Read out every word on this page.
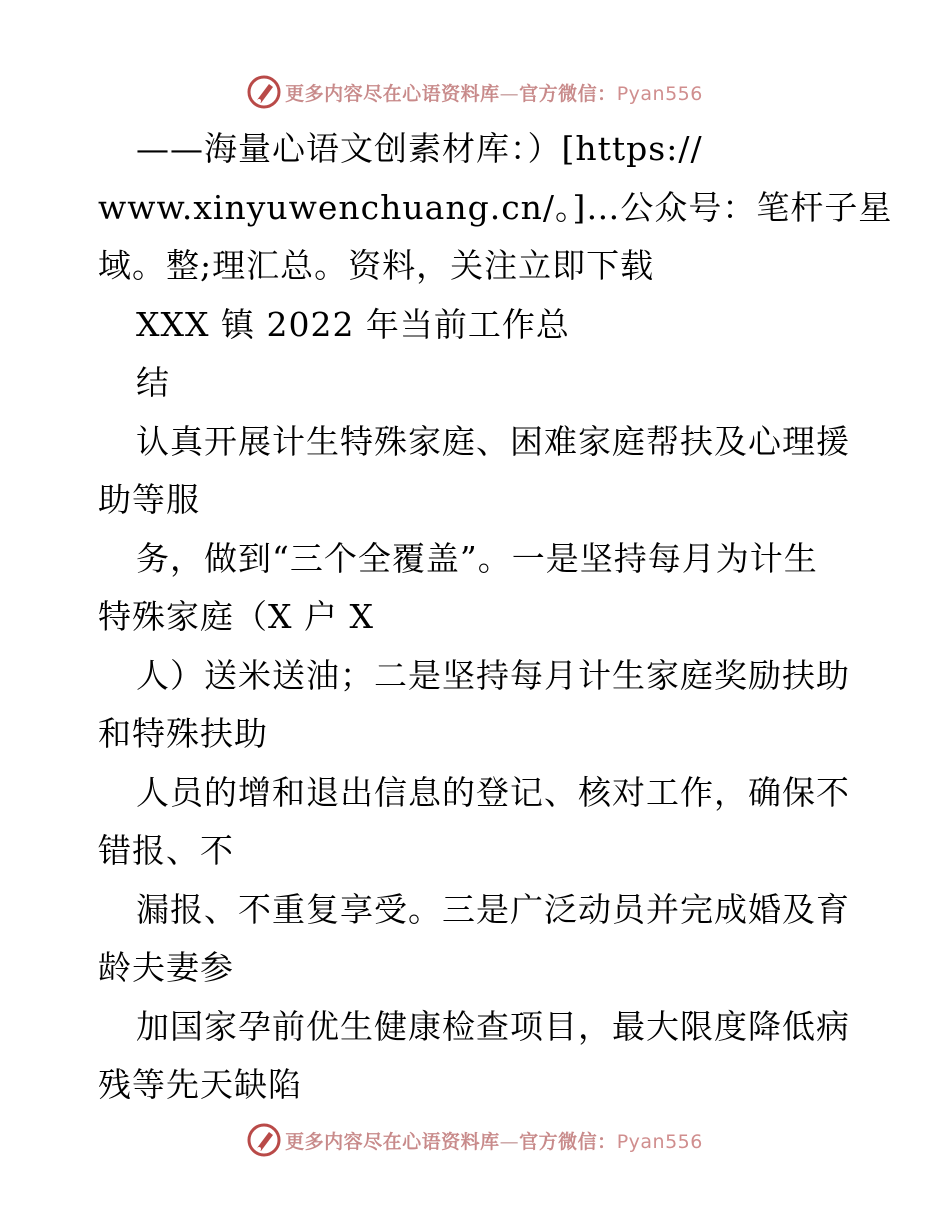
更多内容尽在心语资料库—官方微信：Pyan556
——海量心语文创素材库：）[https://
www.xinyuwenchuang.cn/。]…公众号：笔杆子星
域。整;理汇总。资料，关注立即下载
XXX 镇 2022 年当前工作总
结
认真开展计生特殊家庭、困难家庭帮扶及心理援
助等服
务，做到“三个全覆盖”。一是坚持每月为计生
特殊家庭（X 户 X
人）送米送油；二是坚持每月计生家庭奖励扶助
和特殊扶助
人员的增和退出信息的登记、核对工作，确保不
错报、不
漏报、不重复享受。三是广泛动员并完成婚及育
龄夫妻参
加国家孕前优生健康检查项目，最大限度降低病
残等先天缺陷
更多内容尽在心语资料库—官方微信：Pyan556
